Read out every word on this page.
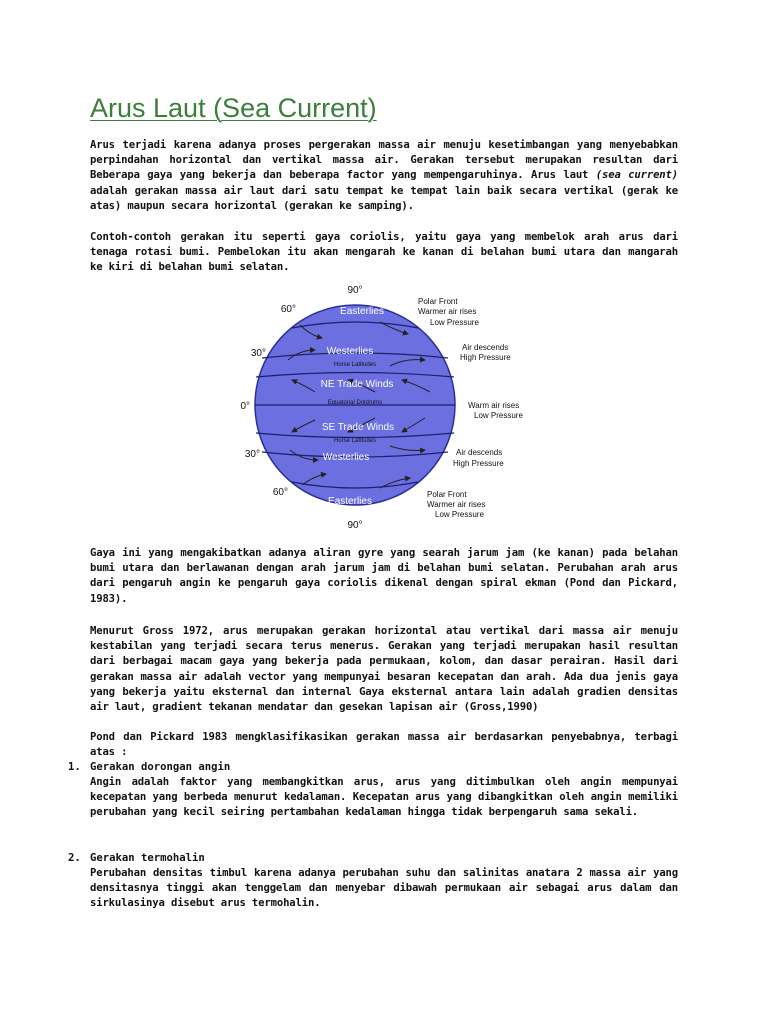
Arus Laut (Sea Current)

Arus terjadi karena adanya proses pergerakan massa air menuju kesetimbangan yang menyebabkan perpindahan horizontal dan vertikal massa air. Gerakan tersebut merupakan resultan dari Beberapa gaya yang bekerja dan beberapa factor yang mempengaruhinya. Arus laut (sea current) adalah gerakan massa air laut dari satu tempat ke tempat lain baik secara vertikal (gerak ke atas) maupun secara horizontal (gerakan ke samping).

Contoh-contoh gerakan itu seperti gaya coriolis, yaitu gaya yang membelok arah arus dari tenaga rotasi bumi. Pembelokan itu akan mengarah ke kanan di belahan bumi utara dan mangarah ke kiri di belahan bumi selatan.

90°
60°
30°
0°
30°
60°
90°
Easterlies
Westerlies
Horse Latitudes
NE Trade Winds
Equatorial Doldrums
SE Trade Winds
Horse Latitudes
Westerlies
Easterlies
Polar Front
Warmer air rises
Low Pressure
Air descends
High Pressure
Warm air rises
Low Pressure
Air descends
High Pressure
Polar Front
Warmer air rises
Low Pressure

Gaya ini yang mengakibatkan adanya aliran gyre yang searah jarum jam (ke kanan) pada belahan bumi utara dan berlawanan dengan arah jarum jam di belahan bumi selatan. Perubahan arah arus dari pengaruh angin ke pengaruh gaya coriolis dikenal dengan spiral ekman (Pond dan Pickard, 1983).

Menurut Gross 1972, arus merupakan gerakan horizontal atau vertikal dari massa air menuju kestabilan yang terjadi secara terus menerus. Gerakan yang terjadi merupakan hasil resultan dari berbagai macam gaya yang bekerja pada permukaan, kolom, dan dasar perairan. Hasil dari gerakan massa air adalah vector yang mempunyai besaran kecepatan dan arah. Ada dua jenis gaya yang bekerja yaitu eksternal dan internal Gaya eksternal antara lain adalah gradien densitas air laut, gradient tekanan mendatar dan gesekan lapisan air (Gross,1990)

Pond dan Pickard 1983 mengklasifikasikan gerakan massa air berdasarkan penyebabnya, terbagi atas :

1. Gerakan dorongan angin

Angin adalah faktor yang membangkitkan arus, arus yang ditimbulkan oleh angin mempunyai kecepatan yang berbeda menurut kedalaman. Kecepatan arus yang dibangkitkan oleh angin memiliki perubahan yang kecil seiring pertambahan kedalaman hingga tidak berpengaruh sama sekali.

2. Gerakan termohalin

Perubahan densitas timbul karena adanya perubahan suhu dan salinitas anatara 2 massa air yang densitasnya tinggi akan tenggelam dan menyebar dibawah permukaan air sebagai arus dalam dan sirkulasinya disebut arus termohalin.
